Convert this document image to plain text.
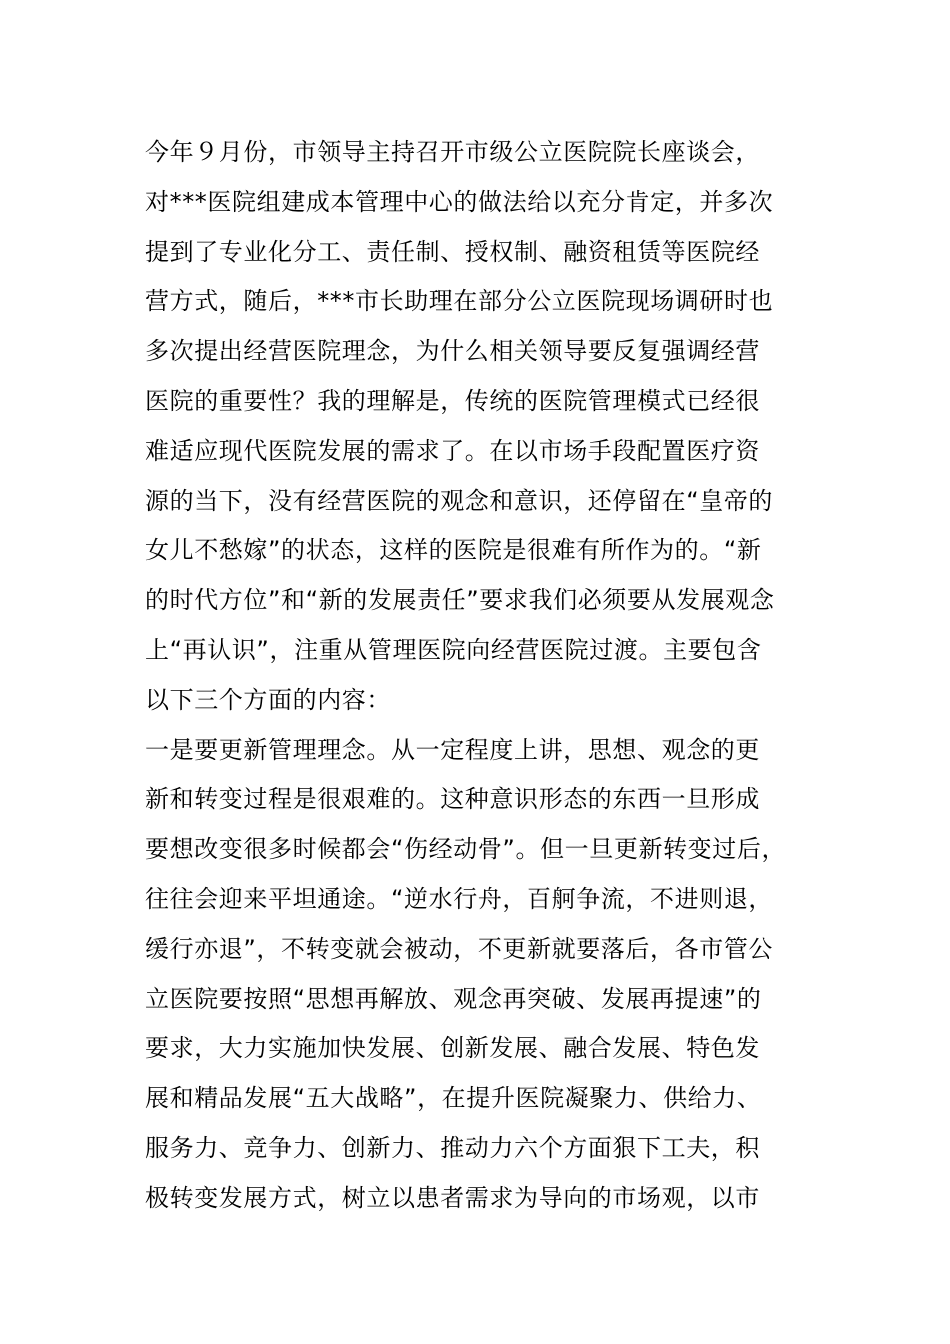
今年９月份，市领导主持召开市级公立医院院长座谈会，
对***医院组建成本管理中心的做法给以充分肯定，并多次
提到了专业化分工、责任制、授权制、融资租赁等医院经
营方式，随后，***市长助理在部分公立医院现场调研时也
多次提出经营医院理念，为什么相关领导要反复强调经营
医院的重要性？我的理解是，传统的医院管理模式已经很
难适应现代医院发展的需求了。在以市场手段配置医疗资
源的当下，没有经营医院的观念和意识，还停留在“皇帝的
女儿不愁嫁”的状态，这样的医院是很难有所作为的。“新
的时代方位”和“新的发展责任”要求我们必须要从发展观念
上“再认识”，注重从管理医院向经营医院过渡。主要包含
以下三个方面的内容：
一是要更新管理理念。从一定程度上讲，思想、观念的更
新和转变过程是很艰难的。这种意识形态的东西一旦形成
要想改变很多时候都会“伤经动骨”。但一旦更新转变过后，
往往会迎来平坦通途。“逆水行舟，百舸争流，不进则退，
缓行亦退”，不转变就会被动，不更新就要落后，各市管公
立医院要按照“思想再解放、观念再突破、发展再提速”的
要求，大力实施加快发展、创新发展、融合发展、特色发
展和精品发展“五大战略”，在提升医院凝聚力、供给力、
服务力、竞争力、创新力、推动力六个方面狠下工夫，积
极转变发展方式，树立以患者需求为导向的市场观，以市
